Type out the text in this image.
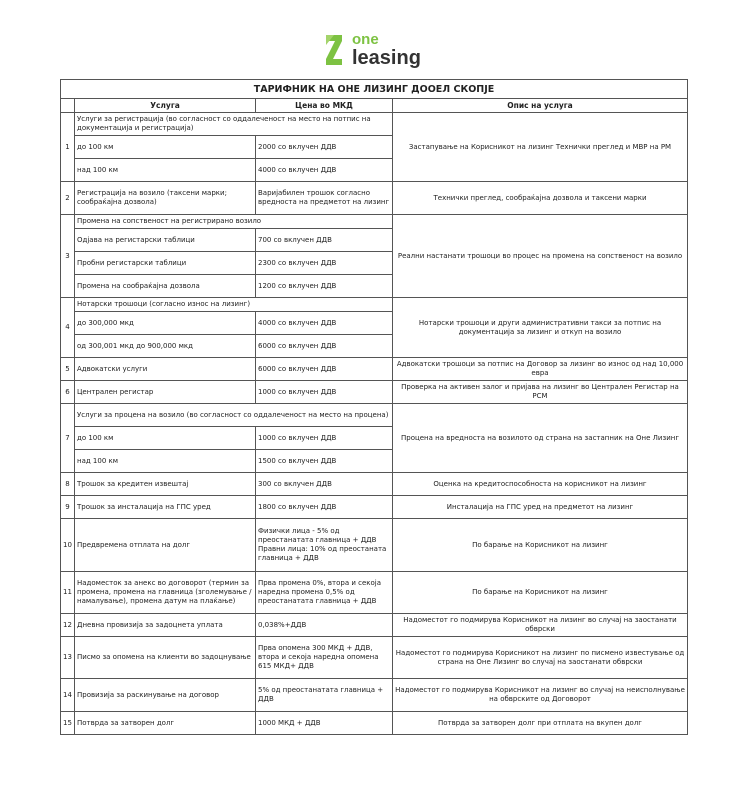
one
leasing
ТАРИФНИК НА ОНЕ ЛИЗИНГ ДООЕЛ СКОПЈЕ			
	Услуга	Цена во МКД	Опис на услуга
1	Услуги за регистрација (во согласност со оддалеченост на место на потпис на документација и регистрација)		Застапување на Корисникот на лизинг Технички преглед и МВР на РМ
	до 100 км	2000 со вклучен ДДВ	
	над 100 км	4000 со вклучен ДДВ	
2	Регистрација на возило (таксени марки; сообраќајна дозвола)	Варијабилен трошок согласно вредноста на предметот на лизинг	Технички преглед, сообраќајна дозвола и таксени марки
3	Промена на сопственост на регистрирано возило		Реални настанати трошоци во процес на промена на сопственост на возило
	Одјава на регистарски таблици	700 со вклучен ДДВ	
	Пробни регистарски таблици	2300 со вклучен ДДВ	
	Промена на сообраќајна дозвола	1200 со вклучен ДДВ	
4	Нотарски трошоци (согласно износ на лизинг)		Нотарски трошоци и други административни такси за потпис на документација за лизинг и откуп на возило
	до 300,000 мкд	4000 со вклучен ДДВ	
	од 300,001 мкд до 900,000 мкд	6000 со вклучен ДДВ	
5	Адвокатски услуги	6000 со вклучен ДДВ	Адвокатски трошоци за потпис на Договор за лизинг во износ од над 10,000 евра
6	Централен регистар	1000 со вклучен ДДВ	Проверка на активен залог и пријава на лизинг во Централен Регистар на РСМ
7	Услуги за процена на возило (во согласност со оддалеченост на место на процена)		Процена на вредноста на возилото од страна на застапник на Оне Лизинг
	до 100 км	1000 со вклучен ДДВ	
	над 100 км	1500 со вклучен ДДВ	
8	Трошок за кредитен извештај	300 со вклучен ДДВ	Оценка на кредитоспособноста на корисникот на лизинг
9	Трошок за инсталација на ГПС уред	1800 со вклучен ДДВ	Инсталација на ГПС уред на предметот на лизинг
10	Предвремена отплата на долг	Физички лица - 5% од преостанатата главница + ДДВ Правни лица: 10% од преостаната главница + ДДВ	По барање на Корисникот на лизинг
11	Надоместок за анекс во договорот (термин за промена, промена на главница (зголемување / намалување), промена датум на плаќање)	Прва промена 0%, втора и секоја наредна промена 0,5% од преостанатата главница + ДДВ	По барање на Корисникот на лизинг
12	Дневна провизија за задоцнета уплата	0,038%+ДДВ	Надоместот го подмирува Корисникот на лизинг во случај на заостанати обврски
13	Писмо за опомена на клиенти во задоцнување	Прва опомена 300 МКД + ДДВ, втора и секоја наредна опомена 615 МКД+ ДДВ	Надоместот го подмирува Корисникот на лизинг по писмено известување од страна на Оне Лизинг во случај на заостанати обврски
14	Провизија за раскинување на договор	5% од преостанатата главница + ДДВ	Надоместот го подмирува Корисникот на лизинг во случај на неисполнување на обврските од Договорот
15	Потврда за затворен долг	1000 МКД + ДДВ	Потврда за затворен долг при отплата на вкупен долг
